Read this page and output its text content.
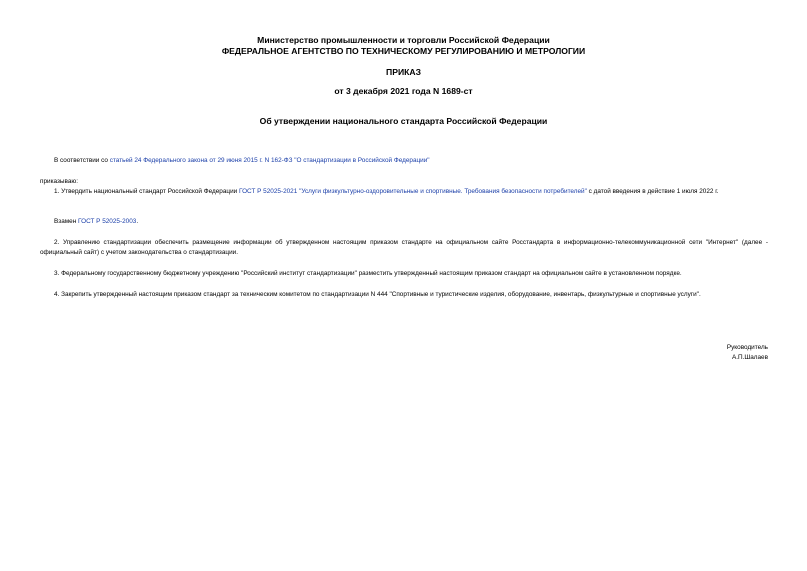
Министерство промышленности и торговли Российской Федерации
ФЕДЕРАЛЬНОЕ АГЕНТСТВО ПО ТЕХНИЧЕСКОМУ РЕГУЛИРОВАНИЮ И МЕТРОЛОГИИ
ПРИКАЗ
от 3 декабря 2021 года N 1689-ст
Об утверждении национального стандарта Российской Федерации
В соответствии со статьей 24 Федерального закона от 29 июня 2015 г. N 162-ФЗ "О стандартизации в Российской Федерации"
приказываю:
1. Утвердить национальный стандарт Российской Федерации ГОСТ Р 52025-2021 "Услуги физкультурно-оздоровительные и спортивные. Требования безопасности потребителей" с датой введения в действие 1 июля 2022 г.
Взамен ГОСТ Р 52025-2003.
2. Управлению стандартизации обеспечить размещение информации об утвержденном настоящим приказом стандарте на официальном сайте Росстандарта в информационно-телекоммуникационной сети "Интернет" (далее - официальный сайт) с учетом законодательства о стандартизации.
3. Федеральному государственному бюджетному учреждению "Российский институт стандартизации" разместить утвержденный настоящим приказом стандарт на официальном сайте в установленном порядке.
4. Закрепить утвержденный настоящим приказом стандарт за техническим комитетом по стандартизации N 444 "Спортивные и туристические изделия, оборудование, инвентарь, физкультурные и спортивные услуги".
Руководитель
А.П.Шалаев
